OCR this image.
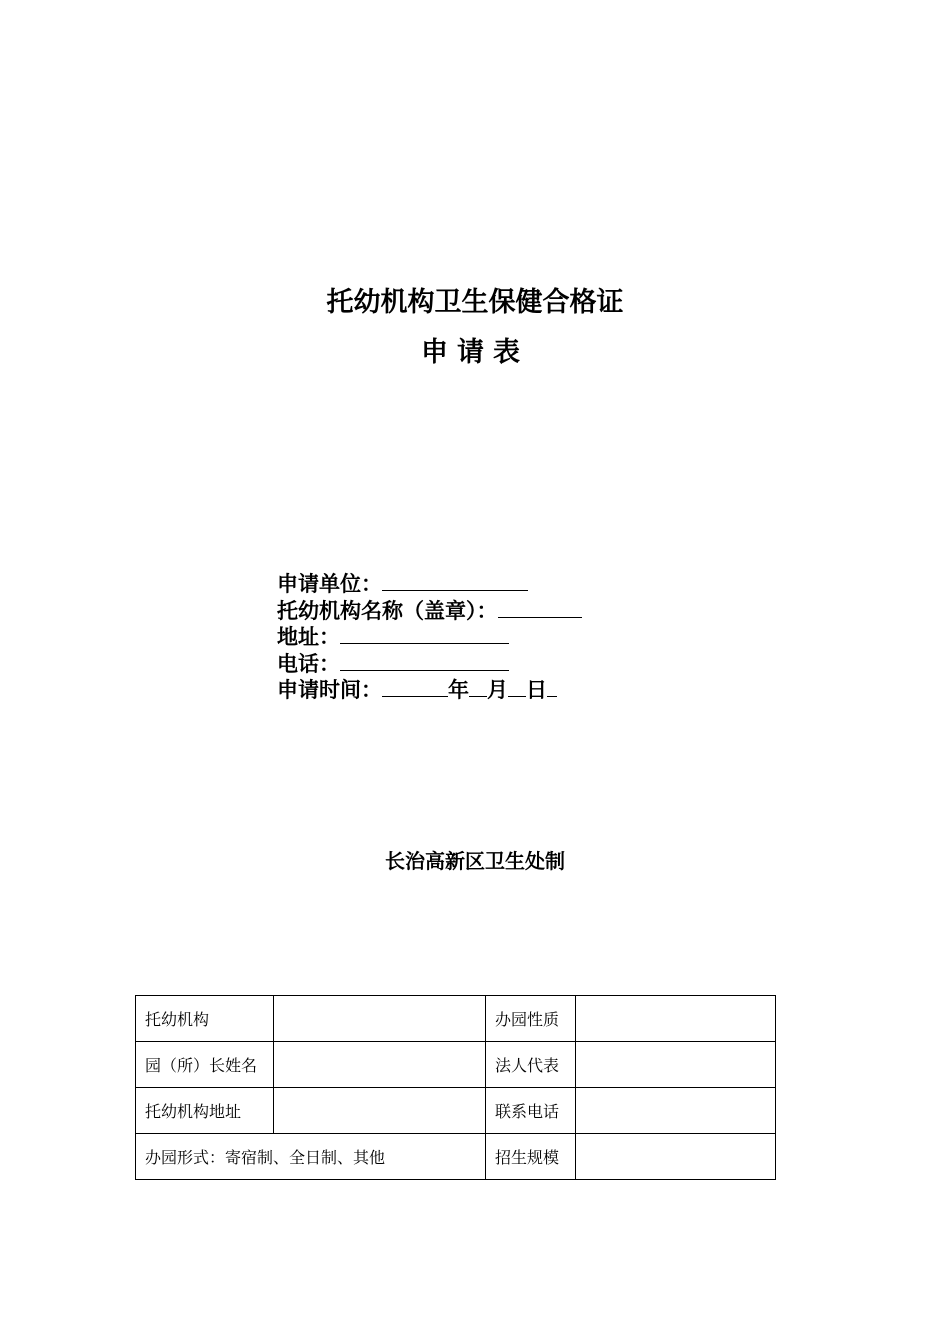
托幼机构卫生保健合格证
申请表
申请单位：
托幼机构名称（盖章）：
地址：
电话：
申请时间：	年 月 日
长治高新区卫生处制
托幼机构		办园性质	
园（所）长姓名		法人代表	
托幼机构地址		联系电话	
办园形式：寄宿制、全日制、其他		招生规模	
